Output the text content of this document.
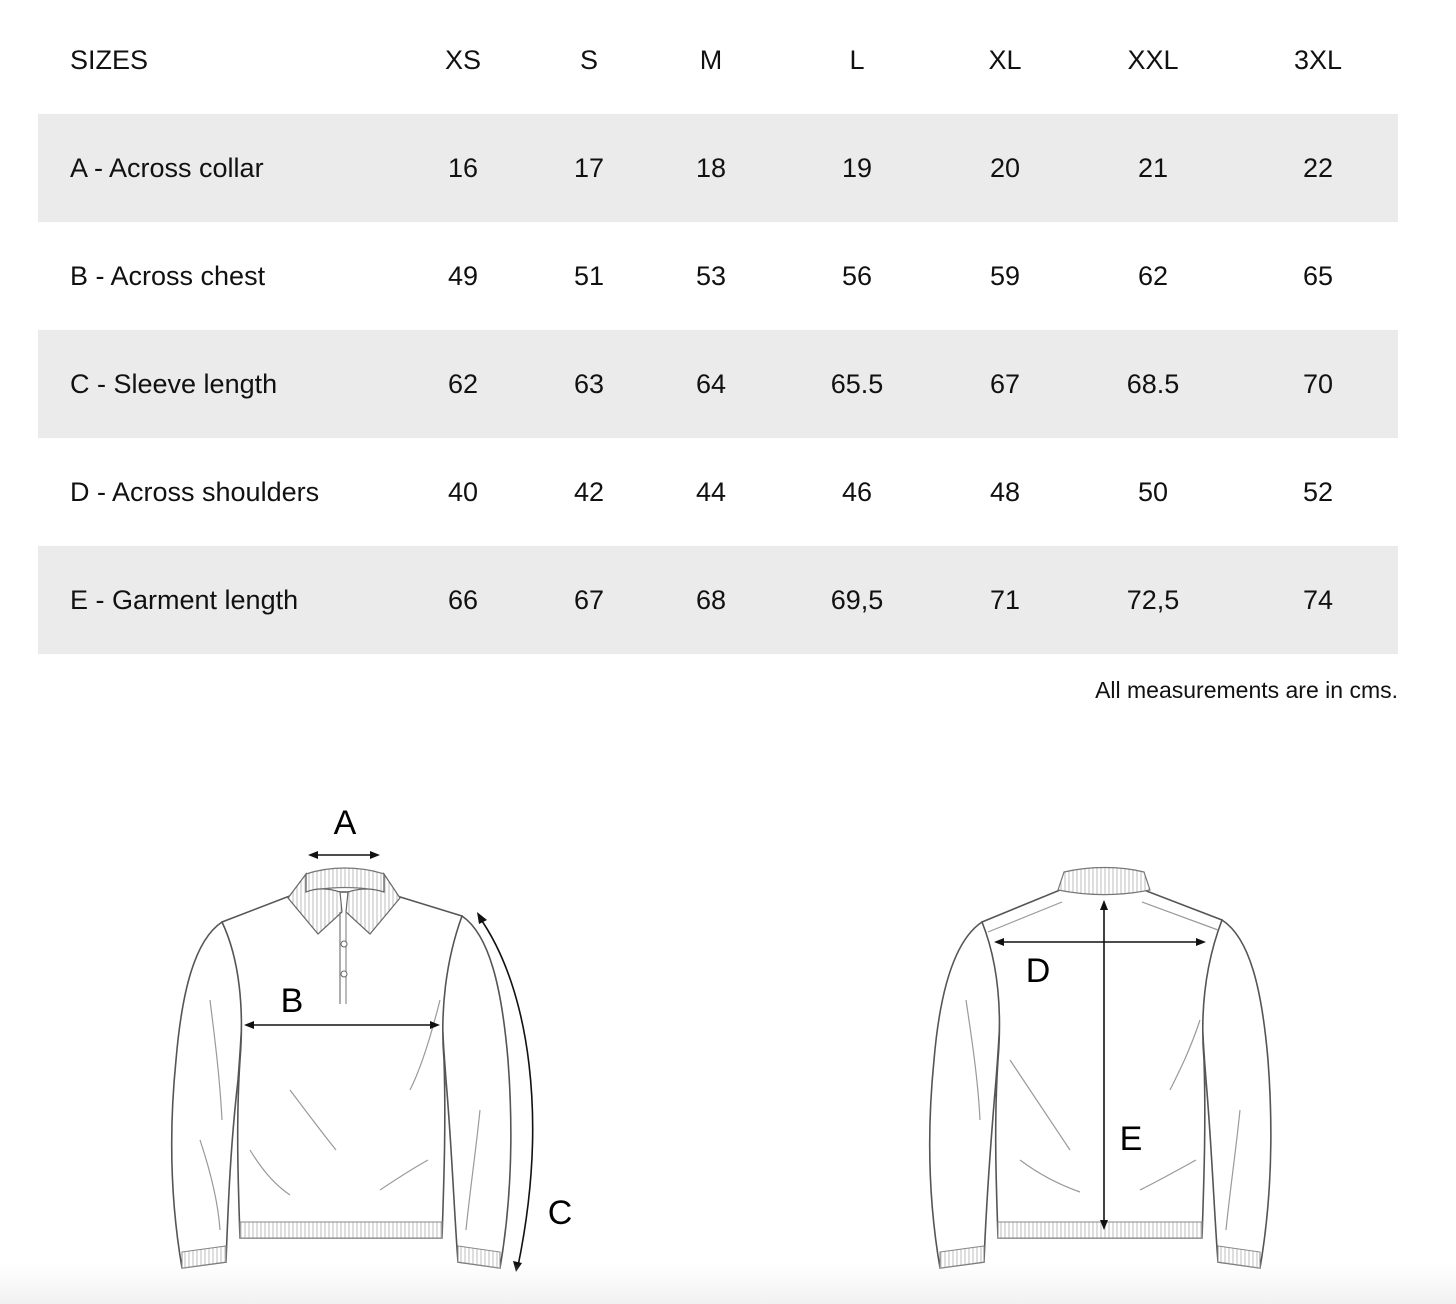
SIZES	XS	S	M	L	XL	XXL	3XL
A - Across collar	16	17	18	19	20	21	22
B - Across chest	49	51	53	56	59	62	65
C - Sleeve length	62	63	64	65.5	67	68.5	70
D - Across shoulders	40	42	44	46	48	50	52
E - Garment length	66	67	68	69,5	71	72,5	74
All measurements are in cms.
A
B
C
D
E
